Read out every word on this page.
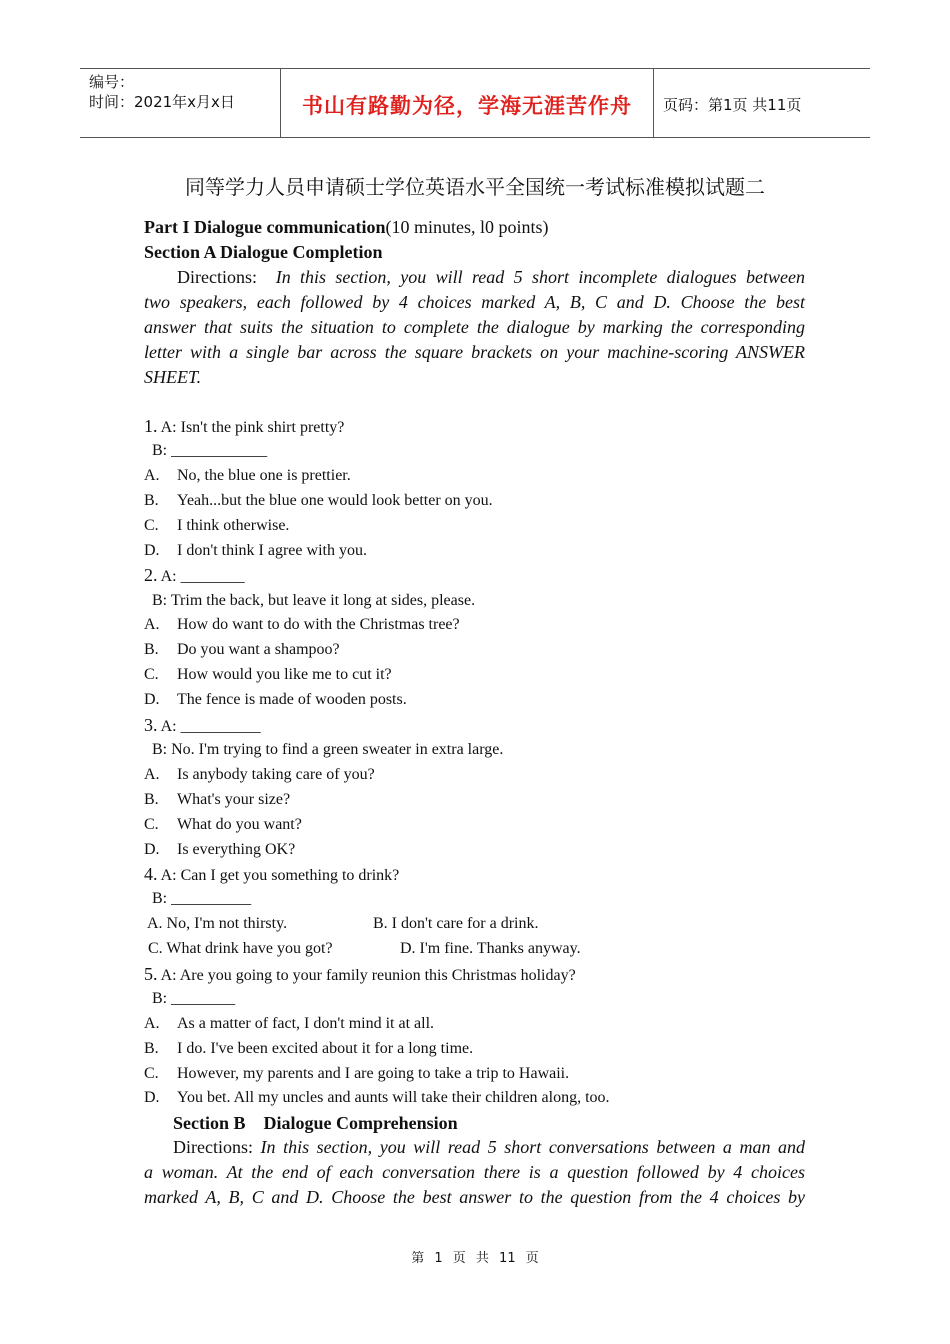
编号：
时间：2021年x月x日	书山有路勤为径，学海无涯苦作舟	页码：第1页 共11页
同等学力人员申请硕士学位英语水平全国统一考试标准模拟试题二
Part I Dialogue communication(10 minutes, l0 points)
Section A Dialogue Completion
Directions: In this section, you will read 5 short incomplete dialogues between
two speakers, each followed by 4 choices marked A, B, C and D. Choose the best
answer that suits the situation to complete the dialogue by marking the corresponding
letter with a single bar across the square brackets on your machine-scoring ANSWER
SHEET.
1. A: Isn't the pink shirt pretty?
B: ____________
A. No, the blue one is prettier.
B. Yeah...but the blue one would look better on you.
C. I think otherwise.
D. I don't think I agree with you.
2. A: ________
B: Trim the back, but leave it long at sides, please.
A. How do want to do with the Christmas tree?
B. Do you want a shampoo?
C. How would you like me to cut it?
D. The fence is made of wooden posts.
3. A: __________
B: No. I'm trying to find a green sweater in extra large.
A. Is anybody taking care of you?
B. What's your size?
C. What do you want?
D. Is everything OK?
4. A: Can I get you something to drink?
B: __________
A. No, I'm not thirsty.	B. I don't care for a drink.
C. What drink have you got?	D. I'm fine. Thanks anyway.
5. A: Are you going to your family reunion this Christmas holiday?
B: ________
A. As a matter of fact, I don't mind it at all.
B. I do. I've been excited about it for a long time.
C. However, my parents and I are going to take a trip to Hawaii.
D. You bet. All my uncles and aunts will take their children along, too.
Section B    Dialogue Comprehension
Directions: In this section, you will read 5 short conversations between a man and
a woman. At the end of each conversation there is a question followed by 4 choices
marked A, B, C and D. Choose the best answer to the question from the 4 choices by
第 1 页 共 11 页
